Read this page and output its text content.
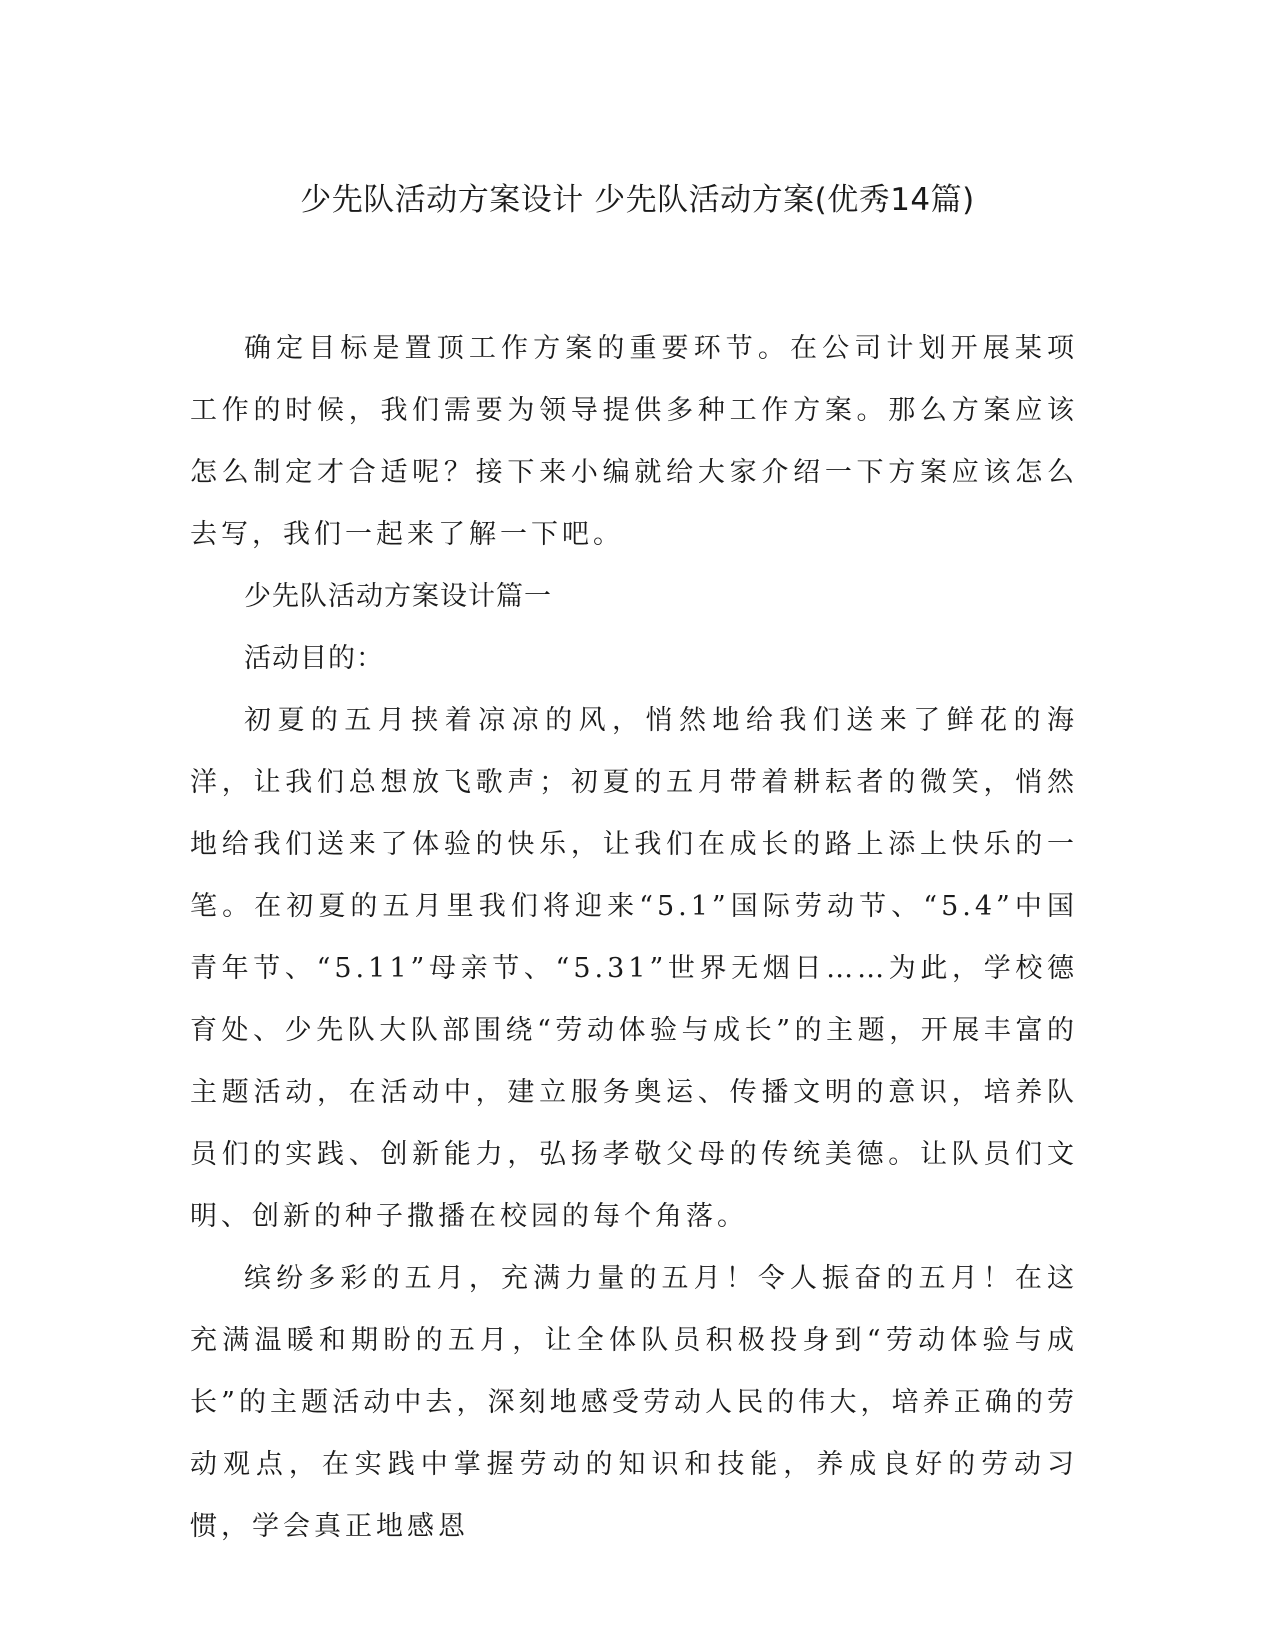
少先队活动方案设计 少先队活动方案(优秀14篇)

确定目标是置顶工作方案的重要环节。在公司计划开展某项工作的时候，我们需要为领导提供多种工作方案。那么方案应该怎么制定才合适呢？接下来小编就给大家介绍一下方案应该怎么去写，我们一起来了解一下吧。

少先队活动方案设计篇一

活动目的：

初夏的五月挟着凉凉的风，悄然地给我们送来了鲜花的海洋，让我们总想放飞歌声；初夏的五月带着耕耘者的微笑，悄然地给我们送来了体验的快乐，让我们在成长的路上添上快乐的一笔。在初夏的五月里我们将迎来“5.1”国际劳动节、“5.4”中国青年节、“5.11”母亲节、“5.31”世界无烟日……为此，学校德育处、少先队大队部围绕“劳动体验与成长”的主题，开展丰富的主题活动，在活动中，建立服务奥运、传播文明的意识，培养队员们的实践、创新能力，弘扬孝敬父母的传统美德。让队员们文明、创新的种子撒播在校园的每个角落。

缤纷多彩的五月，充满力量的五月！令人振奋的五月！在这充满温暖和期盼的五月，让全体队员积极投身到“劳动体验与成长”的主题活动中去，深刻地感受劳动人民的伟大，培养正确的劳动观点，在实践中掌握劳动的知识和技能，养成良好的劳动习惯，学会真正地感恩
